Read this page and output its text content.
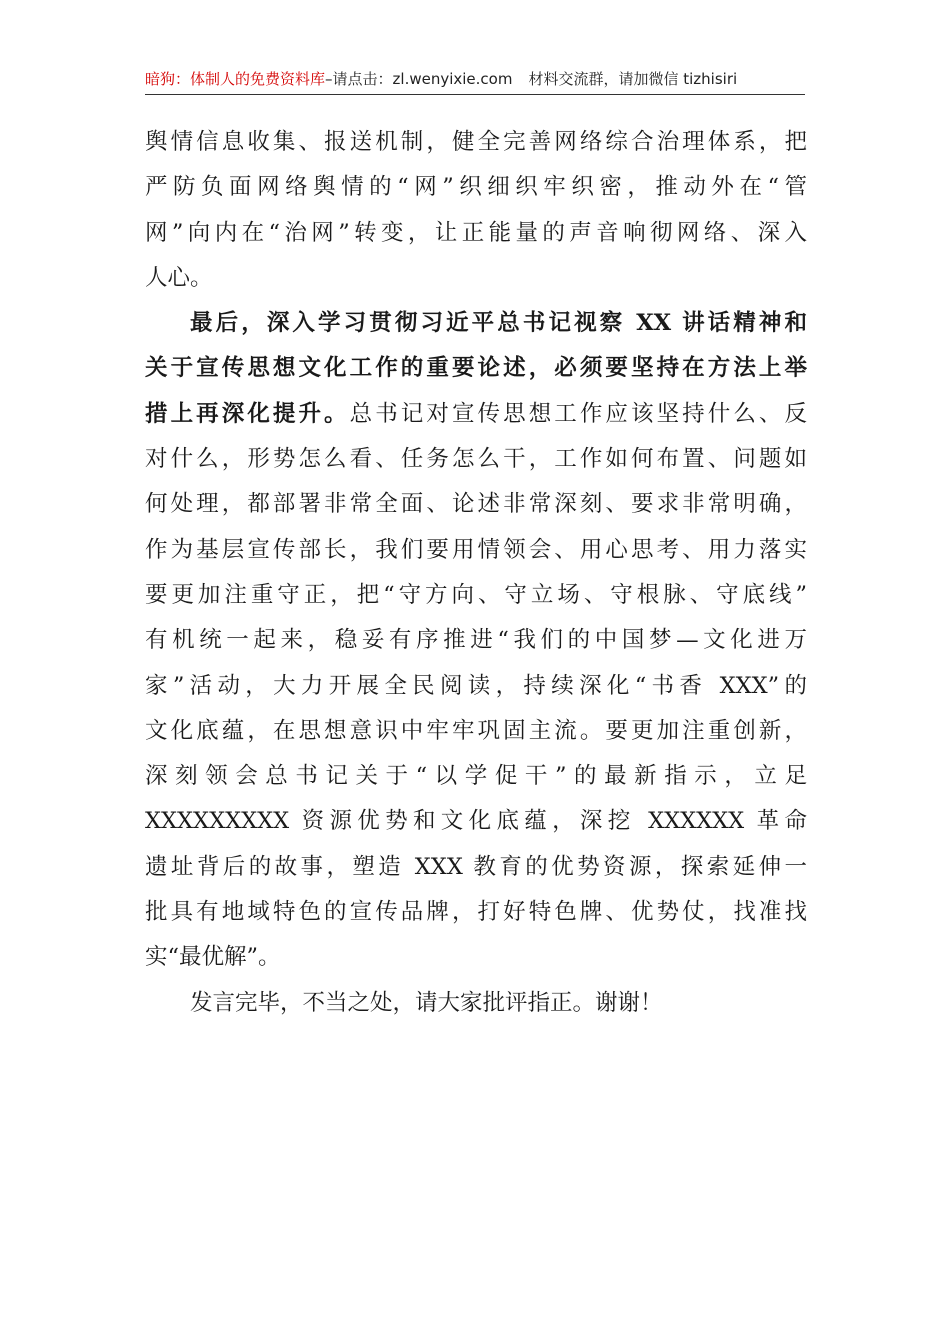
暗狗：体制人的免费资料库–请点击：zl.wenyixie.com 材料交流群，请加微信 tizhisiri
舆情信息收集、报送机制，健全完善网络综合治理体系，把
严防负面网络舆情的“网”织细织牢织密，推动外在“管
网”向内在“治网”转变，让正能量的声音响彻网络、深入
人心。
最后，深入学习贯彻习近平总书记视察 XX 讲话精神和
关于宣传思想文化工作的重要论述，必须要坚持在方法上举
措上再深化提升。总书记对宣传思想工作应该坚持什么、反
对什么，形势怎么看、任务怎么干，工作如何布置、问题如
何处理，都部署非常全面、论述非常深刻、要求非常明确，
作为基层宣传部长，我们要用情领会、用心思考、用力落实
要更加注重守正，把“守方向、守立场、守根脉、守底线”
有机统一起来，稳妥有序推进“我们的中国梦—文化进万
家”活动，大力开展全民阅读，持续深化“书香 XXX”的
文化底蕴，在思想意识中牢牢巩固主流。要更加注重创新，
深刻领会总书记关于“以学促干”的最新指示，立足
XXXXXXXXX 资源优势和文化底蕴，深挖 XXXXXX 革命
遗址背后的故事，塑造 XXX 教育的优势资源，探索延伸一
批具有地域特色的宣传品牌，打好特色牌、优势仗，找准找
实“最优解”。
发言完毕，不当之处，请大家批评指正。谢谢！
